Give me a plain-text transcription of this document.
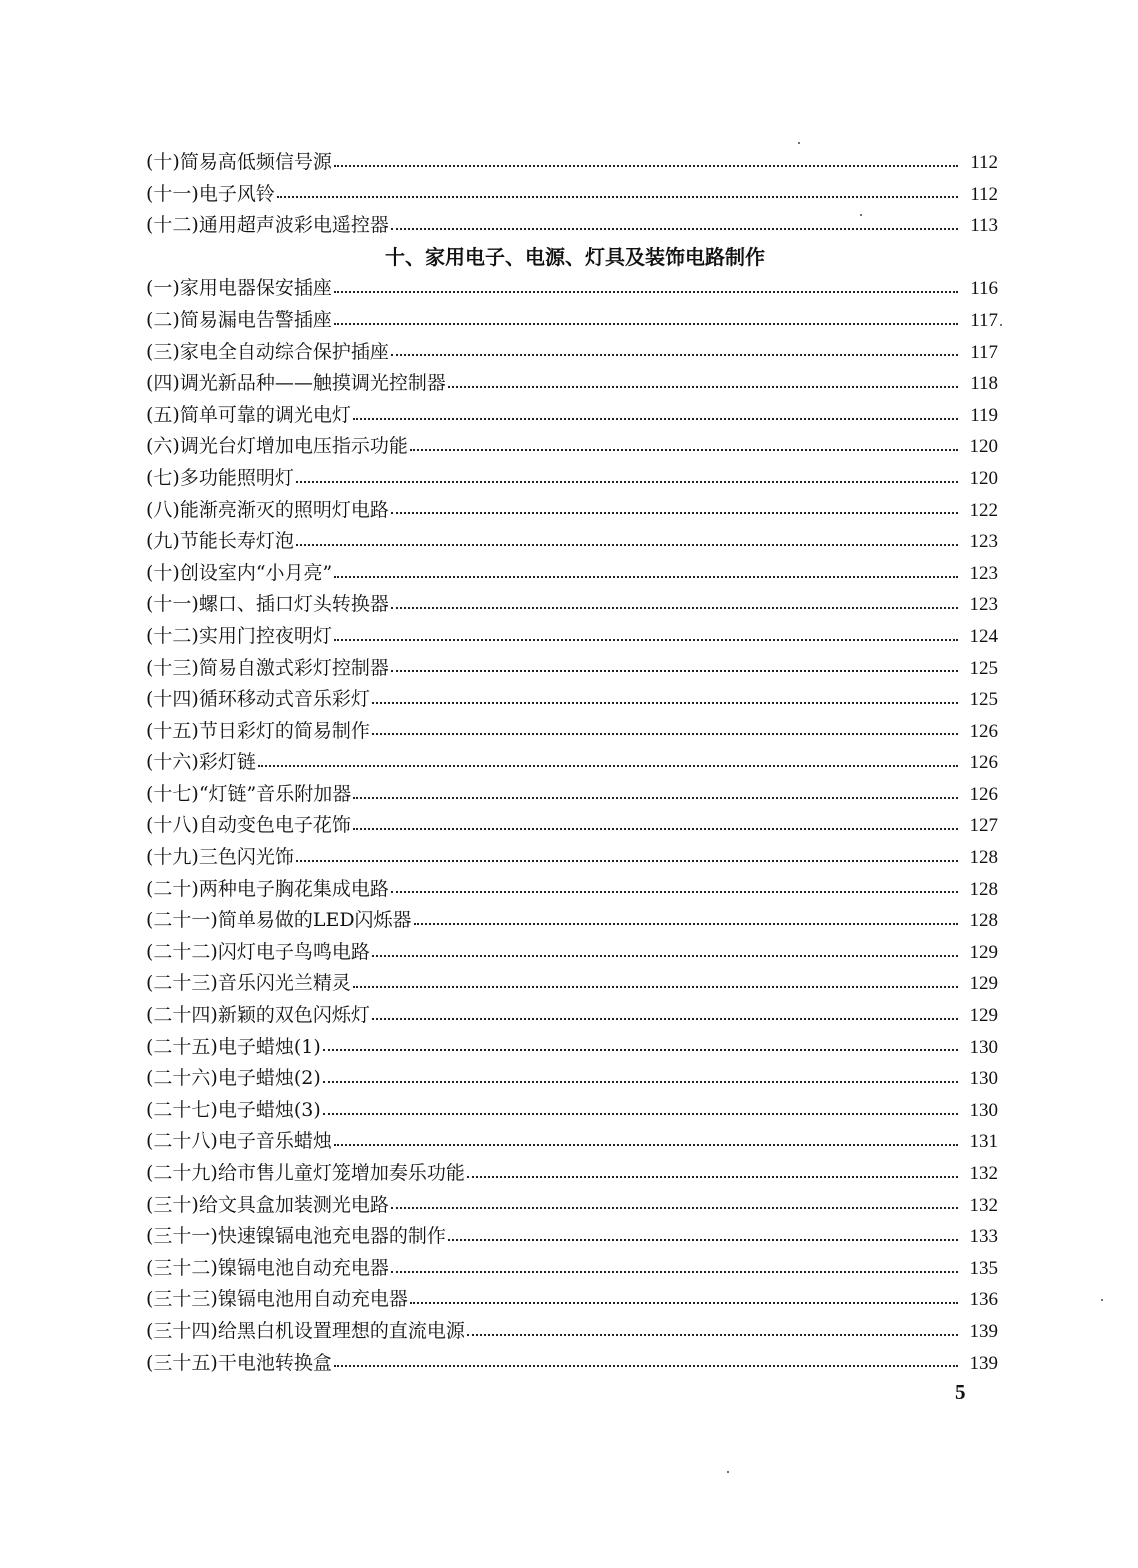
(十)简易高低频信号源	112
(十一)电子风铃	112
(十二)通用超声波彩电遥控器	113
十、家用电子、电源、灯具及装饰电路制作
(一)家用电器保安插座	116
(二)简易漏电告警插座	117
(三)家电全自动综合保护插座	117
(四)调光新品种——触摸调光控制器	118
(五)简单可靠的调光电灯	119
(六)调光台灯增加电压指示功能	120
(七)多功能照明灯	120
(八)能渐亮渐灭的照明灯电路	122
(九)节能长寿灯泡	123
(十)创设室内“小月亮”	123
(十一)螺口、插口灯头转换器	123
(十二)实用门控夜明灯	124
(十三)简易自激式彩灯控制器	125
(十四)循环移动式音乐彩灯	125
(十五)节日彩灯的简易制作	126
(十六)彩灯链	126
(十七)“灯链”音乐附加器	126
(十八)自动变色电子花饰	127
(十九)三色闪光饰	128
(二十)两种电子胸花集成电路	128
(二十一)简单易做的LED闪烁器	128
(二十二)闪灯电子鸟鸣电路	129
(二十三)音乐闪光兰精灵	129
(二十四)新颖的双色闪烁灯	129
(二十五)电子蜡烛(1)	130
(二十六)电子蜡烛(2)	130
(二十七)电子蜡烛(3)	130
(二十八)电子音乐蜡烛	131
(二十九)给市售儿童灯笼增加奏乐功能	132
(三十)给文具盒加装测光电路	132
(三十一)快速镍镉电池充电器的制作	133
(三十二)镍镉电池自动充电器	135
(三十三)镍镉电池用自动充电器	136
(三十四)给黑白机设置理想的直流电源	139
(三十五)干电池转换盒	139
5
